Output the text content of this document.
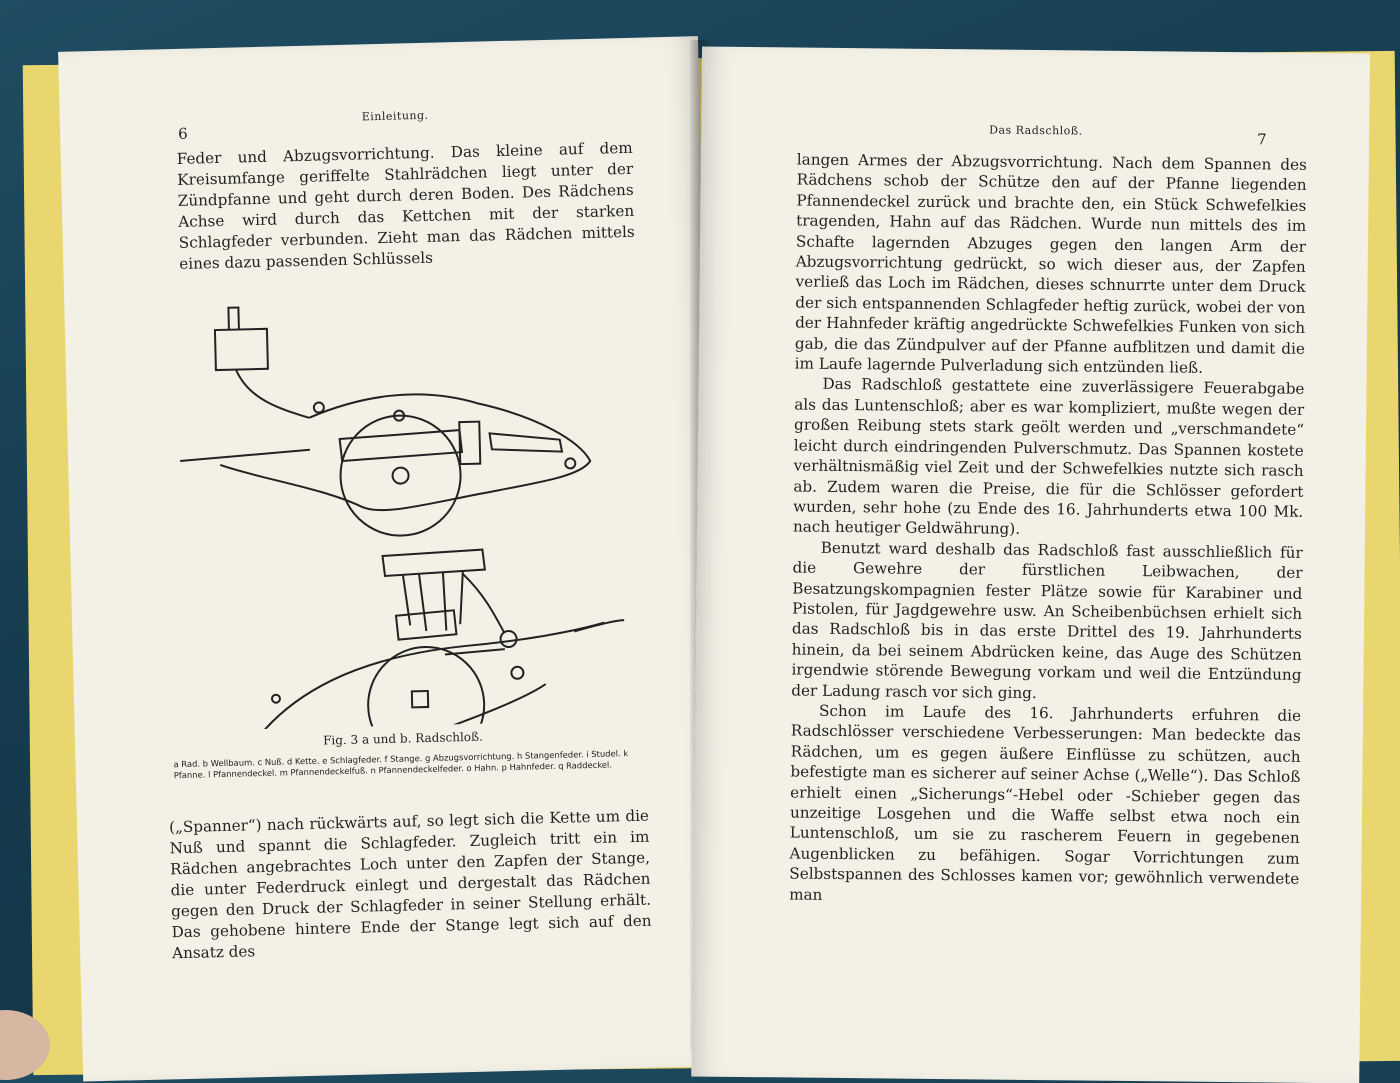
6
Einleitung.

Feder und Abzugsvorrichtung. Das kleine auf dem Kreisumfange geriffelte Stahlrädchen liegt unter der Zündpfanne und geht durch deren Boden. Des Rädchens Achse wird durch das Kettchen mit der starken Schlagfeder verbunden. Zieht man das Rädchen mittels eines dazu passenden Schlüssels

Fig. 3 a und b. Radschloß.
a Rad. b Wellbaum. c Nuß. d Kette. e Schlagfeder. f Stange. g Abzugsvorrichtung. h Stangenfeder. i Studel. k Pfanne. l Pfannendeckel. m Pfannendeckelfuß. n Pfannendeckelfeder. o Hahn. p Hahnfeder. q Raddeckel.

(„Spanner“) nach rückwärts auf, so legt sich die Kette um die Nuß und spannt die Schlagfeder. Zugleich tritt ein im Rädchen angebrachtes Loch unter den Zapfen der Stange, die unter Federdruck einlegt und dergestalt das Rädchen gegen den Druck der Schlagfeder in seiner Stellung erhält. Das gehobene hintere Ende der Stange legt sich auf den Ansatz des

Das Radschloß.	7

langen Armes der Abzugsvorrichtung. Nach dem Spannen des Rädchens schob der Schütze den auf der Pfanne liegenden Pfannendeckel zurück und brachte den, ein Stück Schwefelkies tragenden, Hahn auf das Rädchen. Wurde nun mittels des im Schafte lagernden Abzuges gegen den langen Arm der Abzugsvorrichtung gedrückt, so wich dieser aus, der Zapfen verließ das Loch im Rädchen, dieses schnurrte unter dem Druck der sich entspannenden Schlagfeder heftig zurück, wobei der von der Hahnfeder kräftig angedrückte Schwefelkies Funken von sich gab, die das Zündpulver auf der Pfanne aufblitzen und damit die im Laufe lagernde Pulverladung sich entzünden ließ.

Das Radschloß gestattete eine zuverlässigere Feuerabgabe als das Luntenschloß; aber es war kompliziert, mußte wegen der großen Reibung stets stark geölt werden und „verschmandete“ leicht durch eindringenden Pulverschmutz. Das Spannen kostete verhältnismäßig viel Zeit und der Schwefelkies nutzte sich rasch ab. Zudem waren die Preise, die für die Schlösser gefordert wurden, sehr hohe (zu Ende des 16. Jahrhunderts etwa 100 Mk. nach heutiger Geldwährung).

Benutzt ward deshalb das Radschloß fast ausschließlich für die Gewehre der fürstlichen Leibwachen, der Besatzungskompagnien fester Plätze sowie für Karabiner und Pistolen, für Jagdgewehre usw. An Scheibenbüchsen erhielt sich das Radschloß bis in das erste Drittel des 19. Jahrhunderts hinein, da bei seinem Abdrücken keine, das Auge des Schützen irgendwie störende Bewegung vorkam und weil die Entzündung der Ladung rasch vor sich ging.

Schon im Laufe des 16. Jahrhunderts erfuhren die Radschlösser verschiedene Verbesserungen: Man bedeckte das Rädchen, um es gegen äußere Einflüsse zu schützen, auch befestigte man es sicherer auf seiner Achse („Welle“). Das Schloß erhielt einen „Sicherungs“-Hebel oder -Schieber gegen das unzeitige Losgehen und die Waffe selbst etwa noch ein Luntenschloß, um sie zu rascherem Feuern in gegebenen Augenblicken zu befähigen. Sogar Vorrichtungen zum Selbstspannen des Schlosses kamen vor; gewöhnlich verwendete man
